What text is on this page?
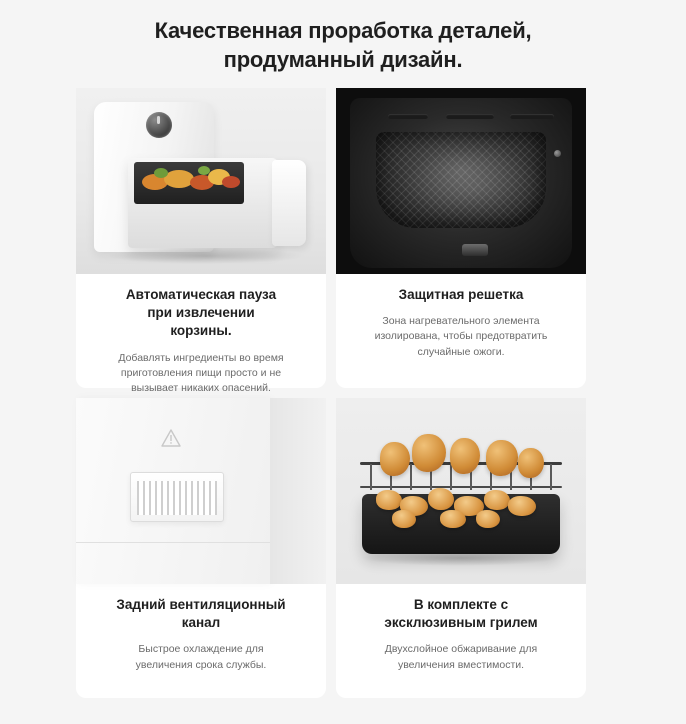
Качественная проработка деталей,
продуманный дизайн.

Автоматическая пауза
при извлечении
корзины.

Добавлять ингредиенты во время
приготовления пищи просто и не
вызывает никаких опасений.

Защитная решетка

Зона нагревательного элемента
изолирована, чтобы предотвратить
случайные ожоги.

Задний вентиляционный
канал

Быстрое охлаждение для
увеличения срока службы.

В комплекте с
эксклюзивным грилем

Двухслойное обжаривание для
увеличения вместимости.
